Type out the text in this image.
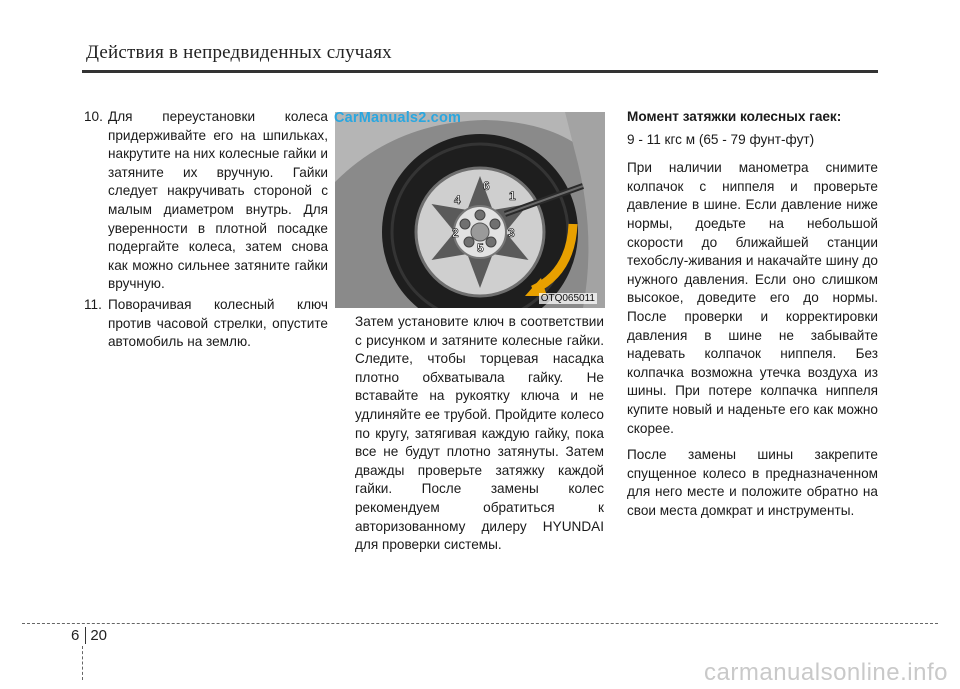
Действия в непредвиденных случаях
10. Для переустановки колеса придерживайте его на шпильках, накрутите на них колесные гайки и затяните их вручную. Гайки следует накручивать стороной с малым диаметром внутрь. Для уверенности в плотной посадке подергайте колеса, затем снова как можно сильнее затяните гайки вручную.
11. Поворачивая колесный ключ против часовой стрелки, опустите автомобиль на землю.
1
2	3
4
5
6
OTQ065011
CarManuals2.com

Затем установите ключ в соответствии с рисунком и затяните колесные гайки. Следите, чтобы торцевая насадка плотно обхватывала гайку. Не вставайте на рукоятку ключа и не удлиняйте ее трубой. Пройдите колесо по кругу, затягивая каждую гайку, пока все не будут плотно затянуты. Затем дважды проверьте затяжку каждой гайки. После замены колес рекомендуем обратиться к авторизованному дилеру HYUNDAI для проверки системы.

Момент затяжки колесных гаек:
9 - 11 кгс м (65 - 79 фунт-фут)

При наличии манометра снимите колпачок с ниппеля и проверьте давление в шине. Если давление ниже нормы, доедьте на небольшой скорости до ближайшей станции техобслу-живания и накачайте шину до нужного давления. Если оно слишком высокое, доведите его до нормы. После проверки и корректировки давления в шине не забывайте надевать колпачок ниппеля. Без колпачка возможна утечка воздуха из шины. При потере колпачка ниппеля купите новый и наденьте его как можно скорее.

После замены шины закрепите спущенное колесо в предназначенном для него месте и положите обратно на свои места домкрат и инструменты.

6 20
carmanualsonline.info
